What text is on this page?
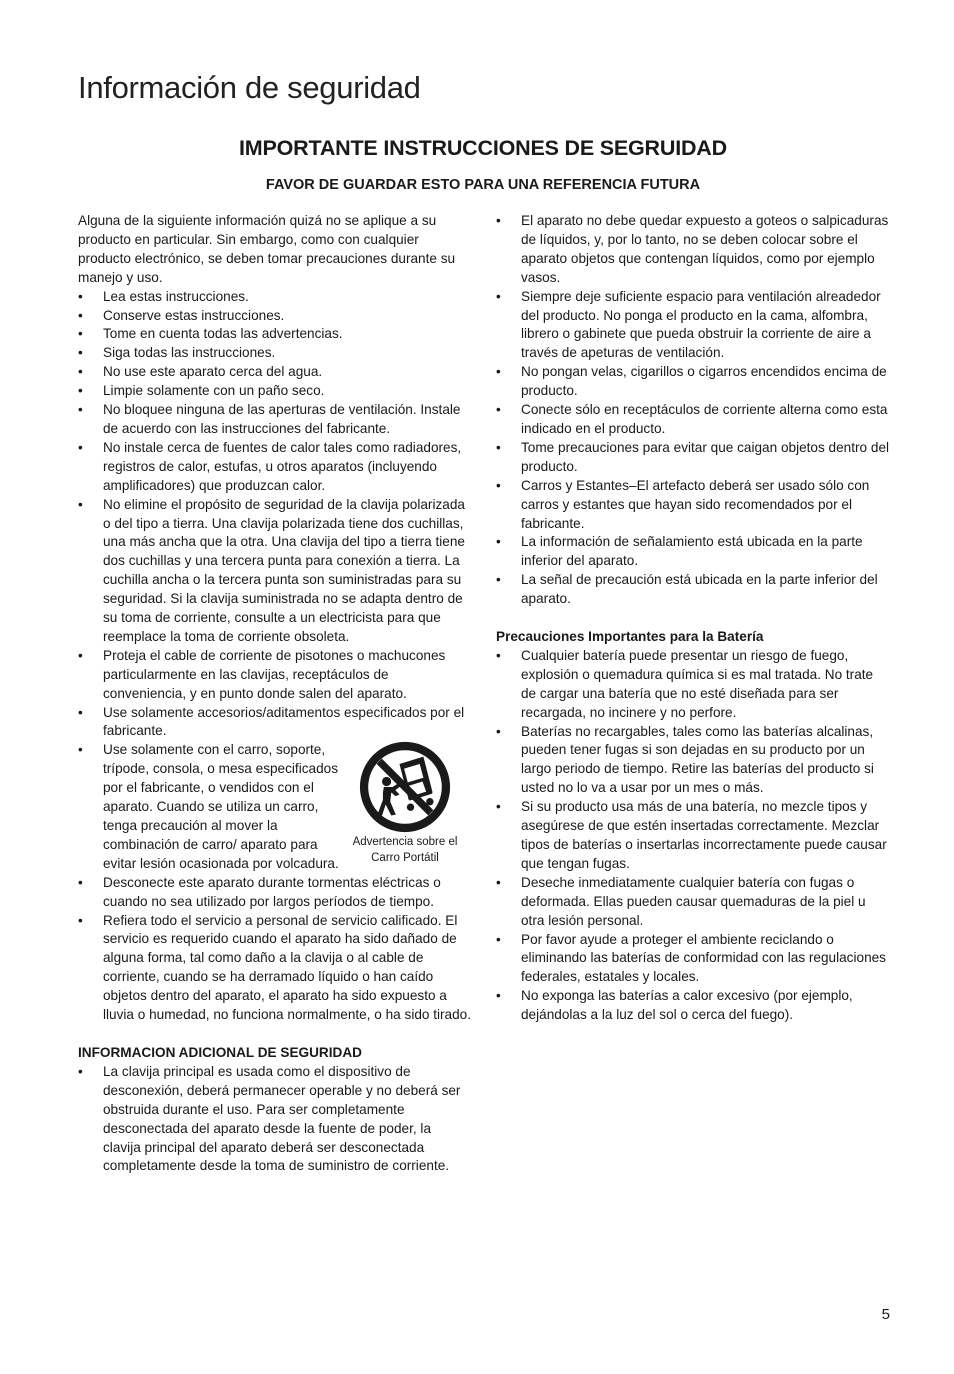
Información de seguridad
IMPORTANTE INSTRUCCIONES DE SEGRUIDAD
FAVOR DE GUARDAR ESTO PARA UNA REFERENCIA FUTURA

Alguna de la siguiente información quizá no se aplique a su producto en particular. Sin embargo, como con cualquier producto electrónico, se deben tomar precauciones durante su manejo y uso.

• Lea estas instrucciones.
• Conserve estas instrucciones.
• Tome en cuenta todas las advertencias.
• Siga todas las instrucciones.
• No use este aparato cerca del agua.
• Limpie solamente con un paño seco.
• No bloquee ninguna de las aperturas de ventilación. Instale de acuerdo con las instrucciones del fabricante.
• No instale cerca de fuentes de calor tales como radiadores, registros de calor, estufas, u otros aparatos (incluyendo amplificadores) que produzcan calor.
• No elimine el propósito de seguridad de la clavija polarizada o del tipo a tierra. Una clavija polarizada tiene dos cuchillas, una más ancha que la otra. Una clavija del tipo a tierra tiene dos cuchillas y una tercera punta para conexión a tierra. La cuchilla ancha o la tercera punta son suministradas para su seguridad. Si la clavija suministrada no se adapta dentro de su toma de corriente, consulte a un electricista para que reemplace la toma de corriente obsoleta.
• Proteja el cable de corriente de pisotones o machucones particularmente en las clavijas, receptáculos de conveniencia, y en punto donde salen del aparato.
• Use solamente accesorios/aditamentos especificados por el fabricante.
• Use solamente con el carro, soporte, trípode, consola, o mesa especificados por el fabricante, o vendidos con el aparato. Cuando se utiliza un carro, tenga precaución al mover la combinación de carro/ aparato para evitar lesión ocasionada por volcadura.
Advertencia sobre el Carro Portátil
• Desconecte este aparato durante tormentas eléctricas o cuando no sea utilizado por largos períodos de tiempo.
• Refiera todo el servicio a personal de servicio calificado. El servicio es requerido cuando el aparato ha sido dañado de alguna forma, tal como daño a la clavija o al cable de corriente, cuando se ha derramado líquido o han caído objetos dentro del aparato, el aparato ha sido expuesto a lluvia o humedad, no funciona normalmente, o ha sido tirado.

INFORMACION ADICIONAL DE SEGURIDAD

• La clavija principal es usada como el dispositivo de desconexión, deberá permanecer operable y no deberá ser obstruida durante el uso. Para ser completamente desconectada del aparato desde la fuente de poder, la clavija principal del aparato deberá ser desconectada completamente desde la toma de suministro de corriente.
• El aparato no debe quedar expuesto a goteos o salpicaduras de líquidos, y, por lo tanto, no se deben colocar sobre el aparato objetos que contengan líquidos, como por ejemplo vasos.
• Siempre deje suficiente espacio para ventilación alreadedor del producto. No ponga el producto en la cama, alfombra, librero o gabinete que pueda obstruir la corriente de aire a través de apeturas de ventilación.
• No pongan velas, cigarillos o cigarros encendidos encima de producto.
• Conecte sólo en receptáculos de corriente alterna como esta indicado en el producto.
• Tome precauciones para evitar que caigan objetos dentro del producto.
• Carros y Estantes–El artefacto deberá ser usado sólo con carros y estantes que hayan sido recomendados por el fabricante.
• La información de señalamiento está ubicada en la parte inferior del aparato.
• La señal de precaución está ubicada en la parte inferior del aparato.

Precauciones Importantes para la Batería

• Cualquier batería puede presentar un riesgo de fuego, explosión o quemadura química si es mal tratada. No trate de cargar una batería que no esté diseñada para ser recargada, no incinere y no perfore.
• Baterías no recargables, tales como las baterías alcalinas, pueden tener fugas si son dejadas en su producto por un largo periodo de tiempo. Retire las baterías del producto si usted no lo va a usar por un mes o más.
• Si su producto usa más de una batería, no mezcle tipos y asegúrese de que estén insertadas correctamente. Mezclar tipos de baterías o insertarlas incorrectamente puede causar que tengan fugas.
• Deseche inmediatamente cualquier batería con fugas o deformada. Ellas pueden causar quemaduras de la piel u otra lesión personal.
• Por favor ayude a proteger el ambiente reciclando o eliminando las baterías de conformidad con las regulaciones federales, estatales y locales.
• No exponga las baterías a calor excesivo (por ejemplo, dejándolas a la luz del sol o cerca del fuego).
5
